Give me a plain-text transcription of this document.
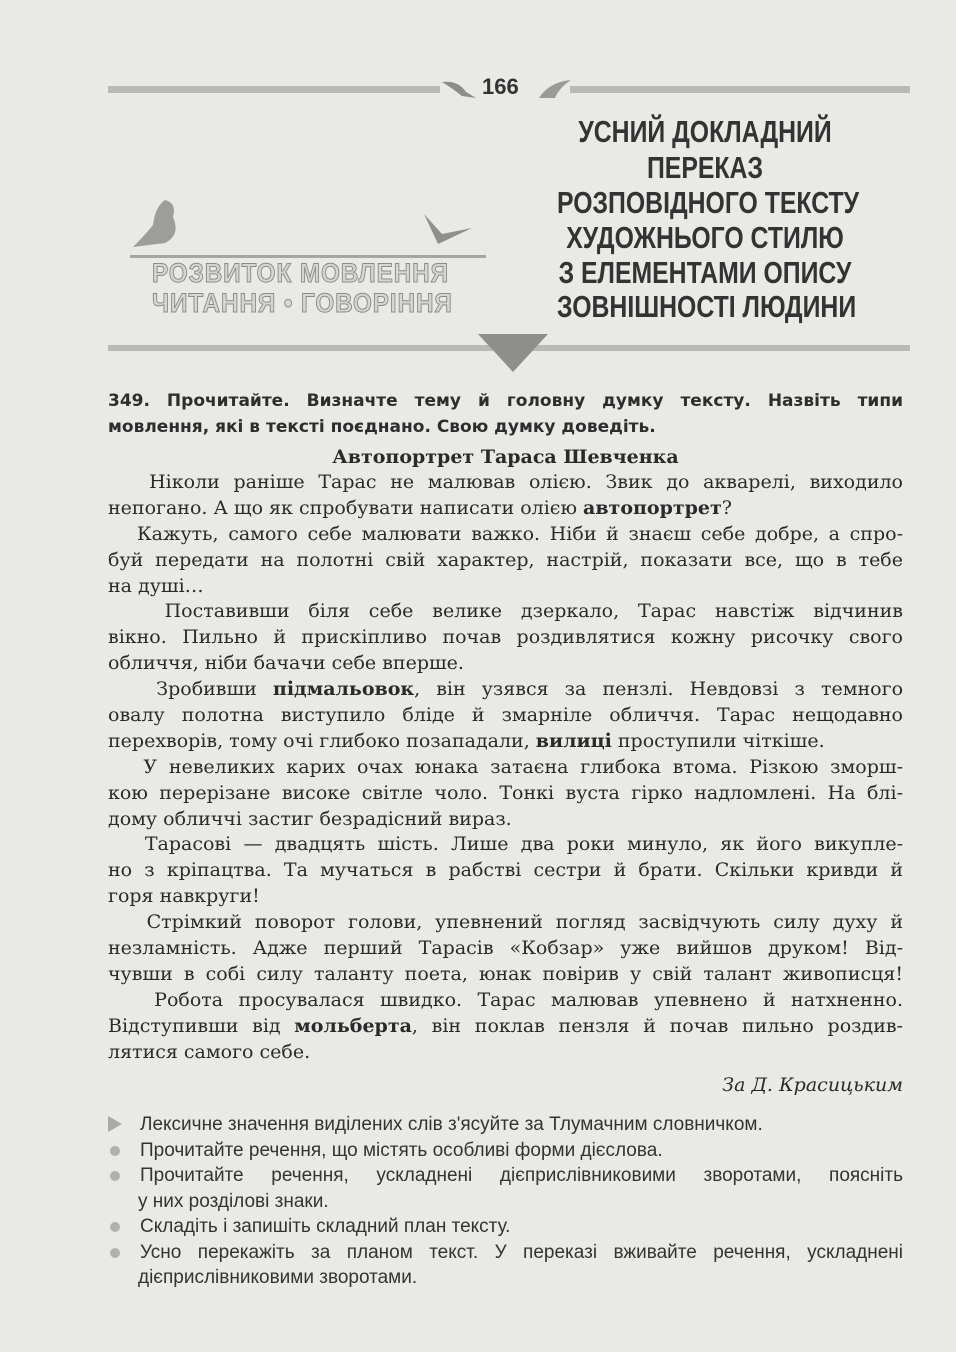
166
РОЗВИТОК МОВЛЕННЯ
ЧИТАННЯ • ГОВОРІННЯ
УСНИЙ ДОКЛАДНИЙ
ПЕРЕКАЗ
РОЗПОВІДНОГО ТЕКСТУ
ХУДОЖНЬОГО СТИЛЮ
З ЕЛЕМЕНТАМИ ОПИСУ
ЗОВНІШНОСТІ ЛЮДИНИ
349. Прочитайте. Визначте тему й головну думку тексту. Назвіть типи
мовлення, які в тексті поєднано. Свою думку доведіть.
Автопортрет Тараса Шевченка
Ніколи раніше Тарас не малював олією. Звик до акварелі, виходило
непогано. А що як спробувати написати олією автопортрет?
Кажуть, самого себе малювати важко. Ніби й знаєш себе добре, а спро-
буй передати на полотні свій характер, настрій, показати все, що в тебе
на душі…
Поставивши біля себе велике дзеркало, Тарас навстіж відчинив
вікно. Пильно й прискіпливо почав роздивлятися кожну рисочку свого
обличчя, ніби бачачи себе вперше.
Зробивши підмальовок, він узявся за пензлі. Невдовзі з темного
овалу полотна виступило бліде й змарніле обличчя. Тарас нещодавно
перехворів, тому очі глибоко позападали, вилиці проступили чіткіше.
У невеликих карих очах юнака затаєна глибока втома. Різкою зморш-
кою перерізане високе світле чоло. Тонкі вуста гірко надломлені. На блі-
дому обличчі застиг безрадісний вираз.
Тарасові — двадцять шість. Лише два роки минуло, як його викупле-
но з кріпацтва. Та мучаться в рабстві сестри й брати. Скільки кривди й
горя навкруги!
Стрімкий поворот голови, упевнений погляд засвідчують силу духу й
незламність. Адже перший Тарасів «Кобзар» уже вийшов друком! Від-
чувши в собі силу таланту поета, юнак повірив у свій талант живописця!
Робота просувалася швидко. Тарас малював упевнено й натхненно.
Відступивши від мольберта, він поклав пензля й почав пильно роздив-
лятися самого себе.
За Д. Красицьким
Лексичне значення виділених слів з'ясуйте за Тлумачним словничком.
Прочитайте речення, що містять особливі форми дієслова.
Прочитайте речення, ускладнені дієприслівниковими зворотами, поясніть
у них розділові знаки.
Складіть і запишіть складний план тексту.
Усно перекажіть за планом текст. У переказі вживайте речення, ускладнені
дієприслівниковими зворотами.
